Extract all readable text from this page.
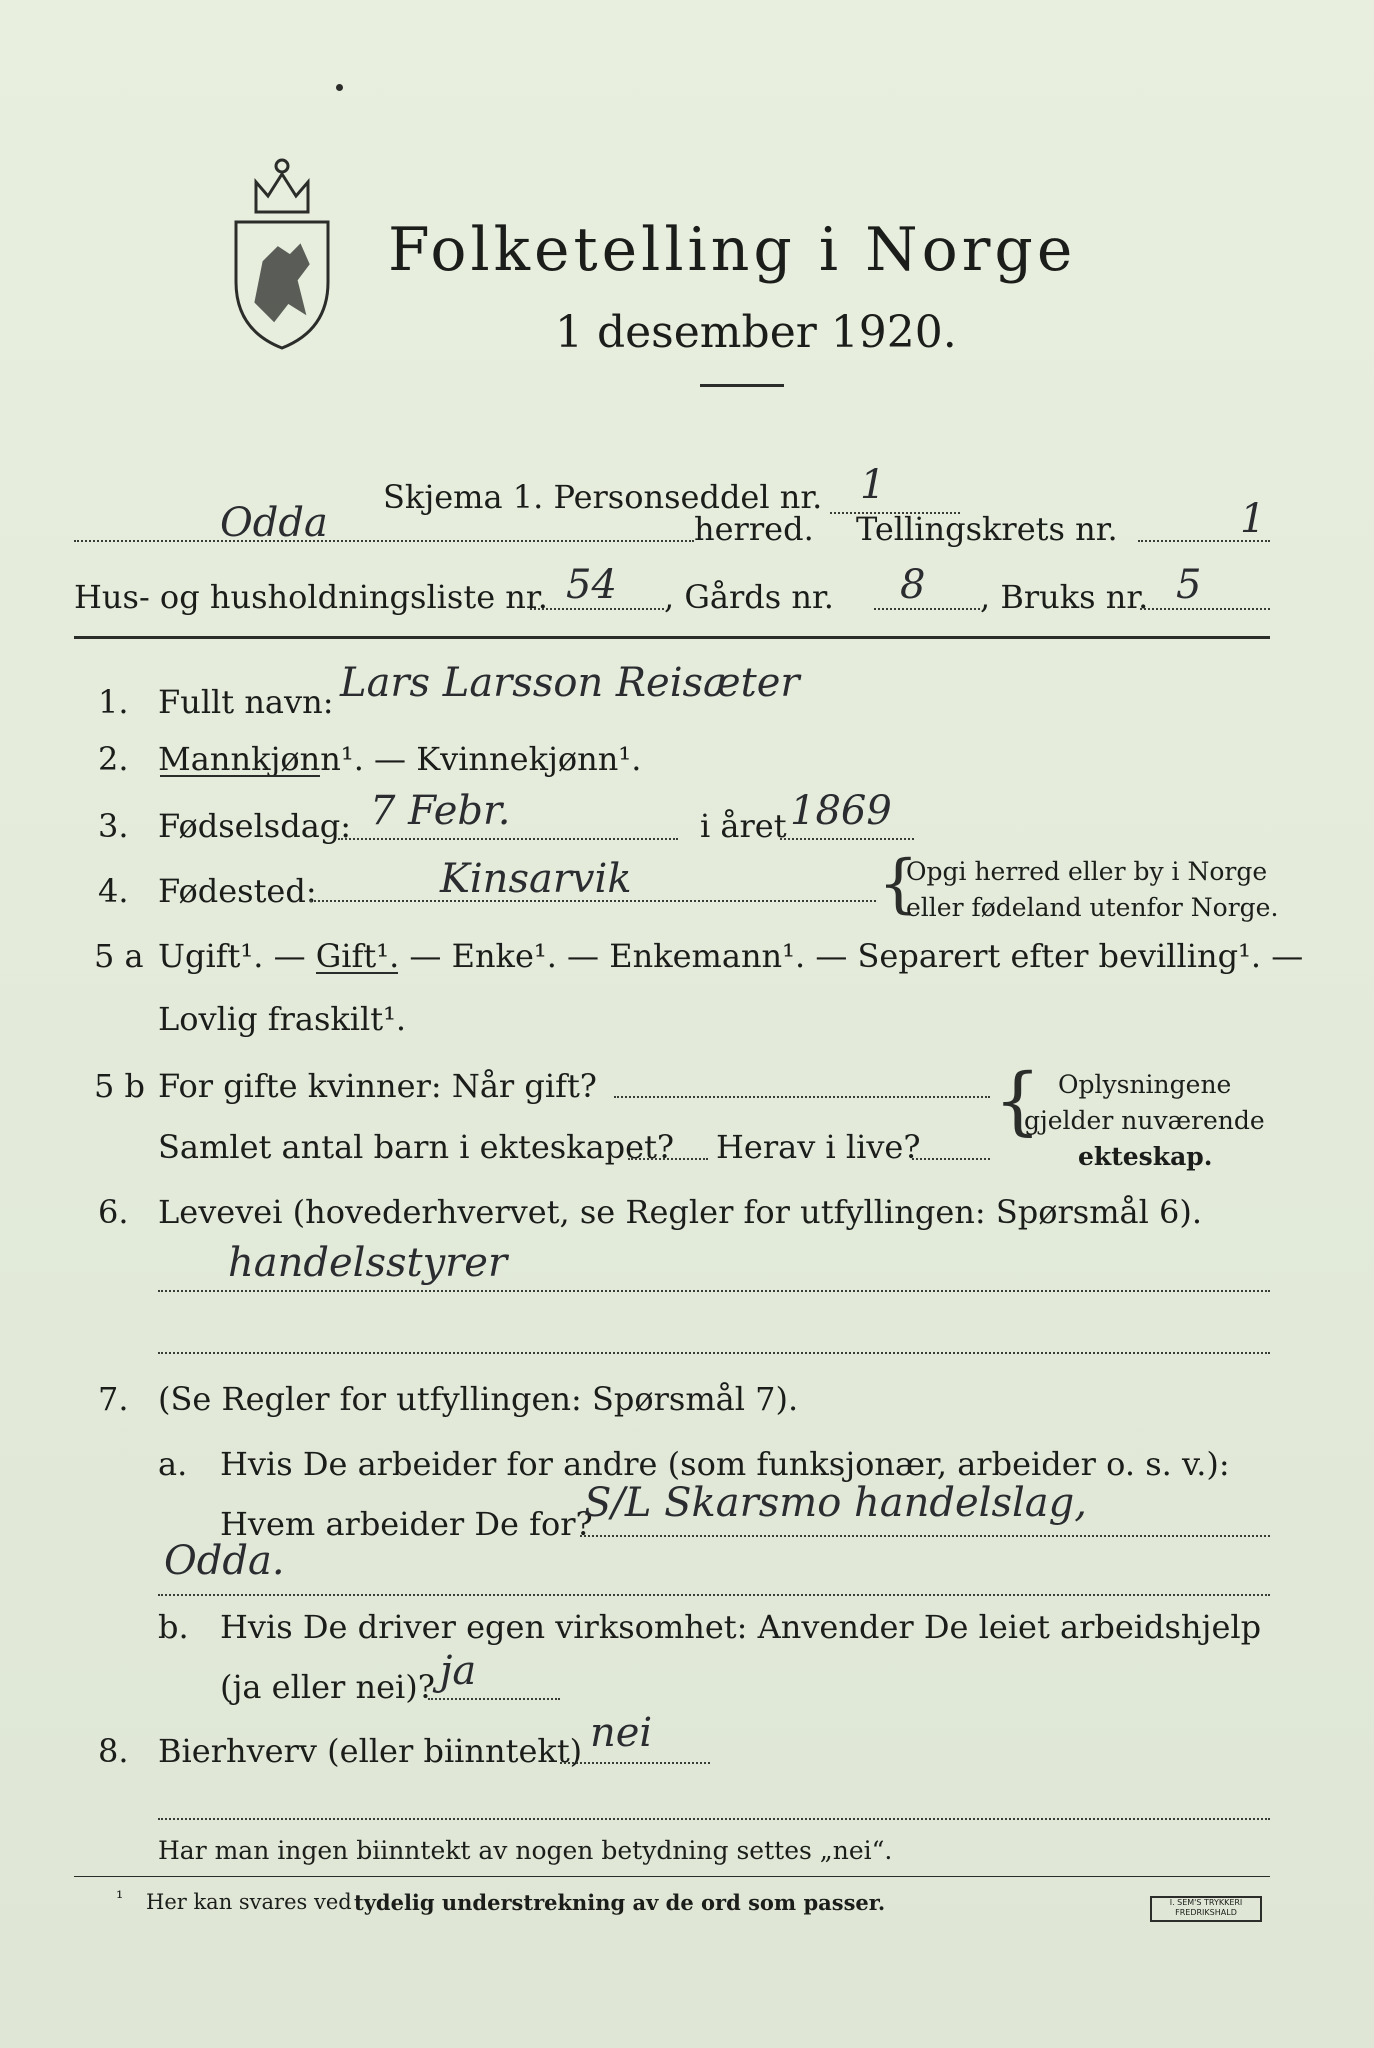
Folketelling i Norge
1 desember 1920.
Skjema 1. Personseddel nr. 1
Odda	herred. Tellingskrets nr.	1
Hus- og husholdningsliste nr. 54 , Gårds nr. 8 , Bruks nr. 5
1. Fullt navn: Lars Larsson Reisæter
2. Mannkjønn¹. — Kvinnekjønn¹.
3. Fødselsdag: 7 Febr.	i året 1869
4. Fødested:	Kinsarvik	{
Opgi herred eller by i Norge
eller fødeland utenfor Norge.
5 a Ugift¹. — Gift¹. — Enke¹. — Enkemann¹. — Separert efter bevilling¹. —
Lovlig fraskilt¹.
5 b For gifte kvinner: Når gift?
Samlet antal barn i ekteskapet? Herav i live?
{ Oplysningene
gjelder nuværende
ekteskap.
6. Levevei (hovederhvervet, se Regler for utfyllingen: Spørsmål 6).
handelsstyrer
7. (Se Regler for utfyllingen: Spørsmål 7).
a. Hvis De arbeider for andre (som funksjonær, arbeider o. s. v.):
Hvem arbeider De for?
S/L Skarsmo handelslag,
Odda.
b. Hvis De driver egen virksomhet: Anvender De leiet arbeidshjelp
(ja eller nei)? ja
8. Bierhverv (eller biinntekt) nei
Har man ingen biinntekt av nogen betydning settes „nei“.
¹ Her kan svares ved tydelig understrekning av de ord som passer.	I. SEM'S TRYKKERI FREDRIKSHALD
